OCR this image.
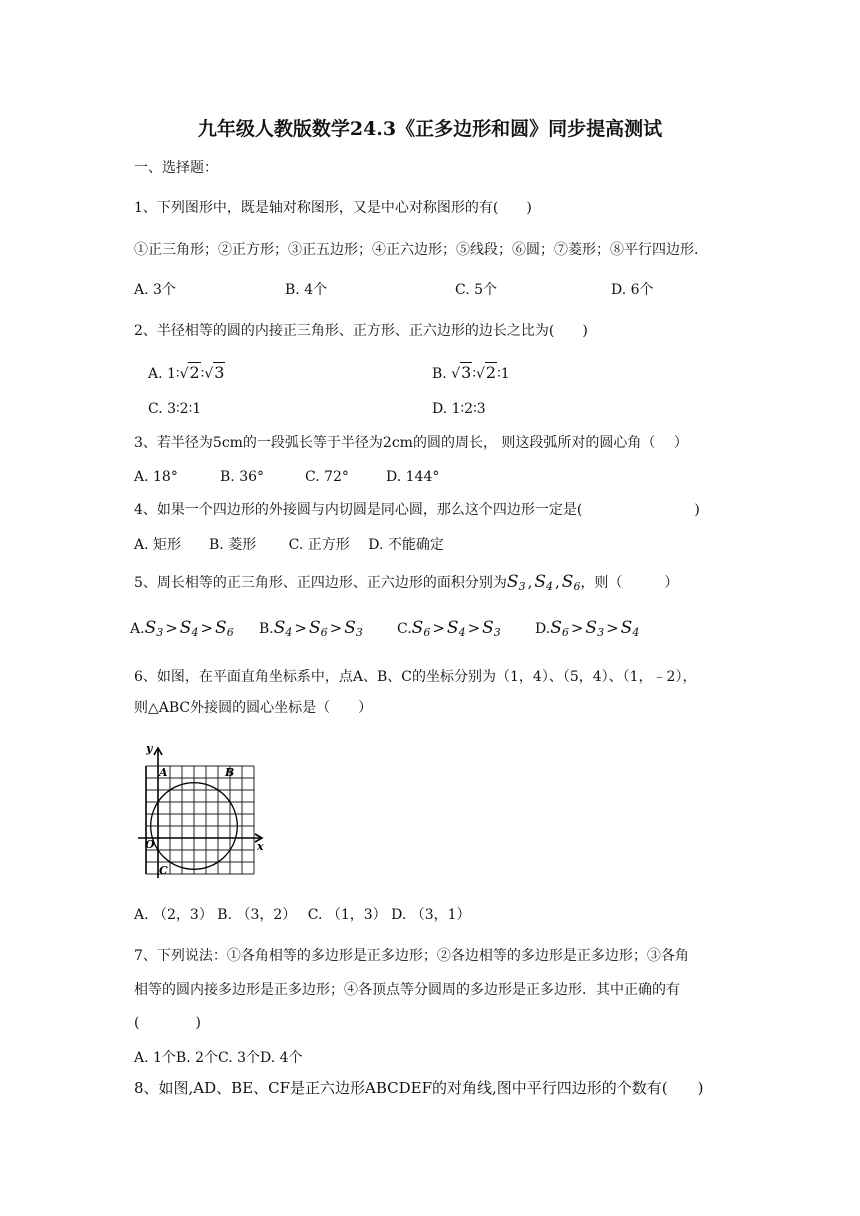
九年级人教版数学24.3《正多边形和圆》同步提高测试
一、选择题：
1、下列图形中，既是轴对称图形，又是中心对称图形的有(　　)
①正三角形；②正方形；③正五边形；④正六边形；⑤线段；⑥圆；⑦菱形；⑧平行四边形.
A. 3个	B. 4个	C. 5个	D. 6个
2、半径相等的圆的内接正三角形、正方形、正六边形的边长之比为(　　)
A. 1∶√2∶√3	B. √3∶√2∶1
C. 3∶2∶1	D. 1∶2∶3
3、若半径为5cm的一段弧长等于半径为2cm的圆的周长， 则这段弧所对的圆心角（　 ）
A. 18°	B. 36°	C. 72°	D. 144°
4、如果一个四边形的外接圆与内切圆是同心圆，那么这个四边形一定是(　　　　　　　　)
A. 矩形　　B. 菱形　　 C. 正方形　 D. 不能确定
5、周长相等的正三角形、正四边形、正六边形的面积分别为$S_3$ , $S_4$ , $S_6$，则（　　　）
$A.S_3 > S_4 > S_6$ $B.S_4 > S_6 > S_3$ $C.S_6 > S_4 > S_3$ $D.S_6 > S_3 > S_4$
6、如图，在平面直角坐标系中，点A、B、C的坐标分别为（1，4）、（5，4）、（1，﹣2），
则△ABC外接圆的圆心坐标是（　　）
y
x
O
A	B
C
A. （2，3） B. （3，2）　 C. （1，3） D. （3，1）
7、下列说法：①各角相等的多边形是正多边形；②各边相等的多边形是正多边形；③各角
相等的圆内接多边形是正多边形；④各顶点等分圆周的多边形是正多边形．其中正确的有
(　　　　)
A. 1个B. 2个C. 3个D. 4个
8、如图,AD、BE、CF是正六边形ABCDEF的对角线,图中平行四边形的个数有(　　)
